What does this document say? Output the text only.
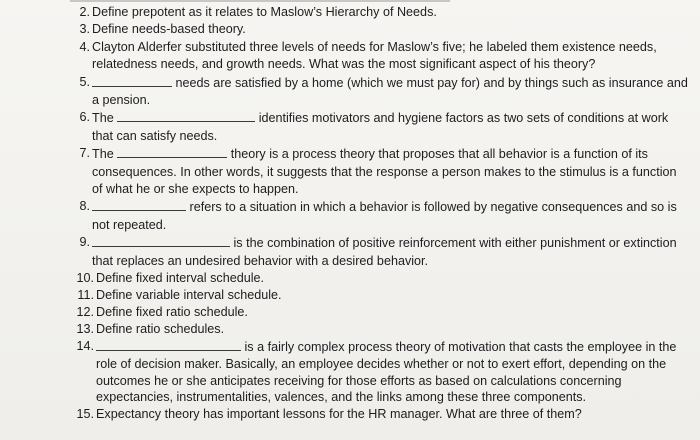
2. Define prepotent as it relates to Maslow’s Hierarchy of Needs.

3. Define needs-based theory.

4. Clayton Alderfer substituted three levels of needs for Maslow’s five; he labeled them existence needs, relatedness needs, and growth needs. What was the most significant aspect of his theory?

5.	needs are satisfied by a home (which we must pay for) and by things such as insurance and a pension.

6. The	identifies motivators and hygiene factors as two sets of conditions at work that can satisfy needs.

7. The	theory is a process theory that proposes that all behavior is a function of its consequences. In other words, it suggests that the response a person makes to the stimulus is a function of what he or she expects to happen.

8.	refers to a situation in which a behavior is followed by negative consequences and so is not repeated.

9.	is the combination of positive reinforcement with either punishment or extinction that replaces an undesired behavior with a desired behavior.

10. Define fixed interval schedule.

11. Define variable interval schedule.

12. Define fixed ratio schedule.

13. Define ratio schedules.

14.	is a fairly complex process theory of motivation that casts the employee in the role of decision maker. Basically, an employee decides whether or not to exert effort, depending on the outcomes he or she anticipates receiving for those efforts as based on calculations concerning expectancies, instrumentalities, valences, and the links among these three components.

15. Expectancy theory has important lessons for the HR manager. What are three of them?
